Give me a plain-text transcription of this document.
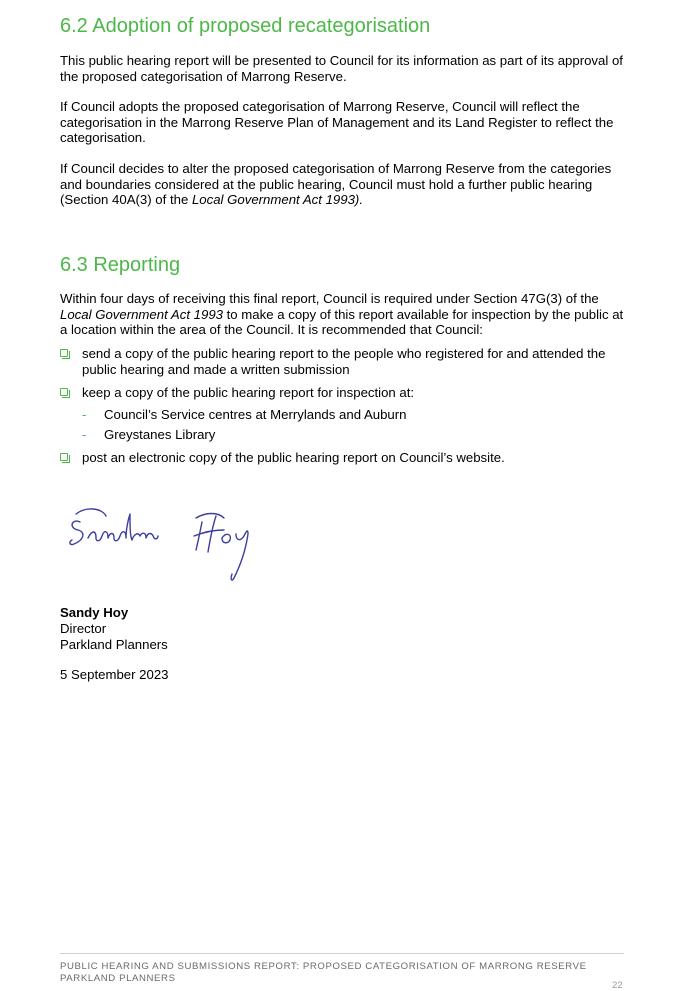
6.2 Adoption of proposed recategorisation

This public hearing report will be presented to Council for its information as part of its approval of the proposed categorisation of Marrong Reserve.

If Council adopts the proposed categorisation of Marrong Reserve, Council will reflect the categorisation in the Marrong Reserve Plan of Management and its Land Register to reflect the categorisation.

If Council decides to alter the proposed categorisation of Marrong Reserve from the categories and boundaries considered at the public hearing, Council must hold a further public hearing (Section 40A(3) of the Local Government Act 1993).

6.3 Reporting

Within four days of receiving this final report, Council is required under Section 47G(3) of the Local Government Act 1993 to make a copy of this report available for inspection by the public at a location within the area of the Council. It is recommended that Council:

send a copy of the public hearing report to the people who registered for and attended the public hearing and made a written submission
keep a copy of the public hearing report for inspection at:
- Council’s Service centres at Merrylands and Auburn
- Greystanes Library
post an electronic copy of the public hearing report on Council’s website.
Sandy Hoy
Director
Parkland Planners
5 September 2023
PUBLIC HEARING AND SUBMISSIONS REPORT: PROPOSED CATEGORISATION OF MARRONG RESERVE
PARKLAND PLANNERS
22
